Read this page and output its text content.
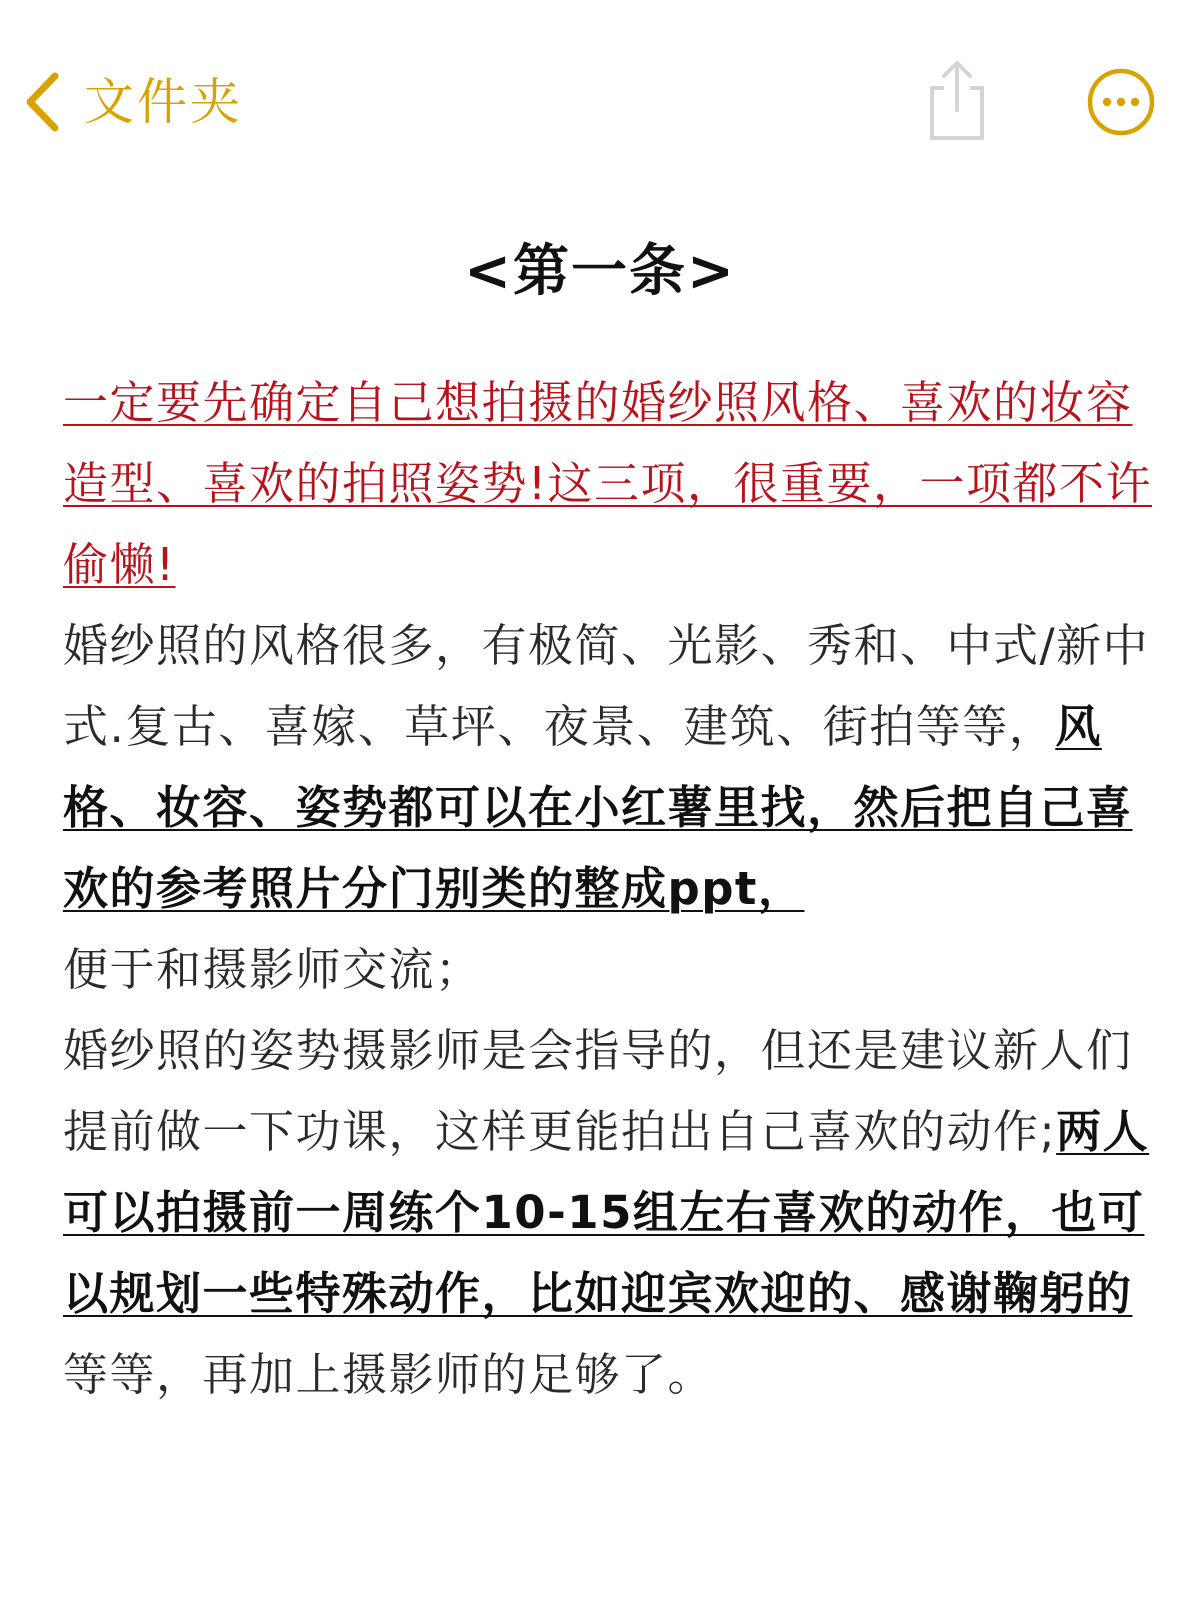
文件夹
<第一条>

一定要先确定自己想拍摄的婚纱照风格、喜欢的妆容造型、喜欢的拍照姿势!这三项，很重要，一项都不许偷懒!

婚纱照的风格很多，有极简、光影、秀和、中式/新中式.复古、喜嫁、草坪、夜景、建筑、街拍等等，风格、妆容、姿势都可以在小红薯里找，然后把自己喜欢的参考照片分门别类的整成ppt，

便于和摄影师交流；

婚纱照的姿势摄影师是会指导的，但还是建议新人们提前做一下功课，这样更能拍出自己喜欢的动作;两人可以拍摄前一周练个10-15组左右喜欢的动作，也可以规划一些特殊动作，比如迎宾欢迎的、感谢鞠躬的等等，再加上摄影师的足够了。
